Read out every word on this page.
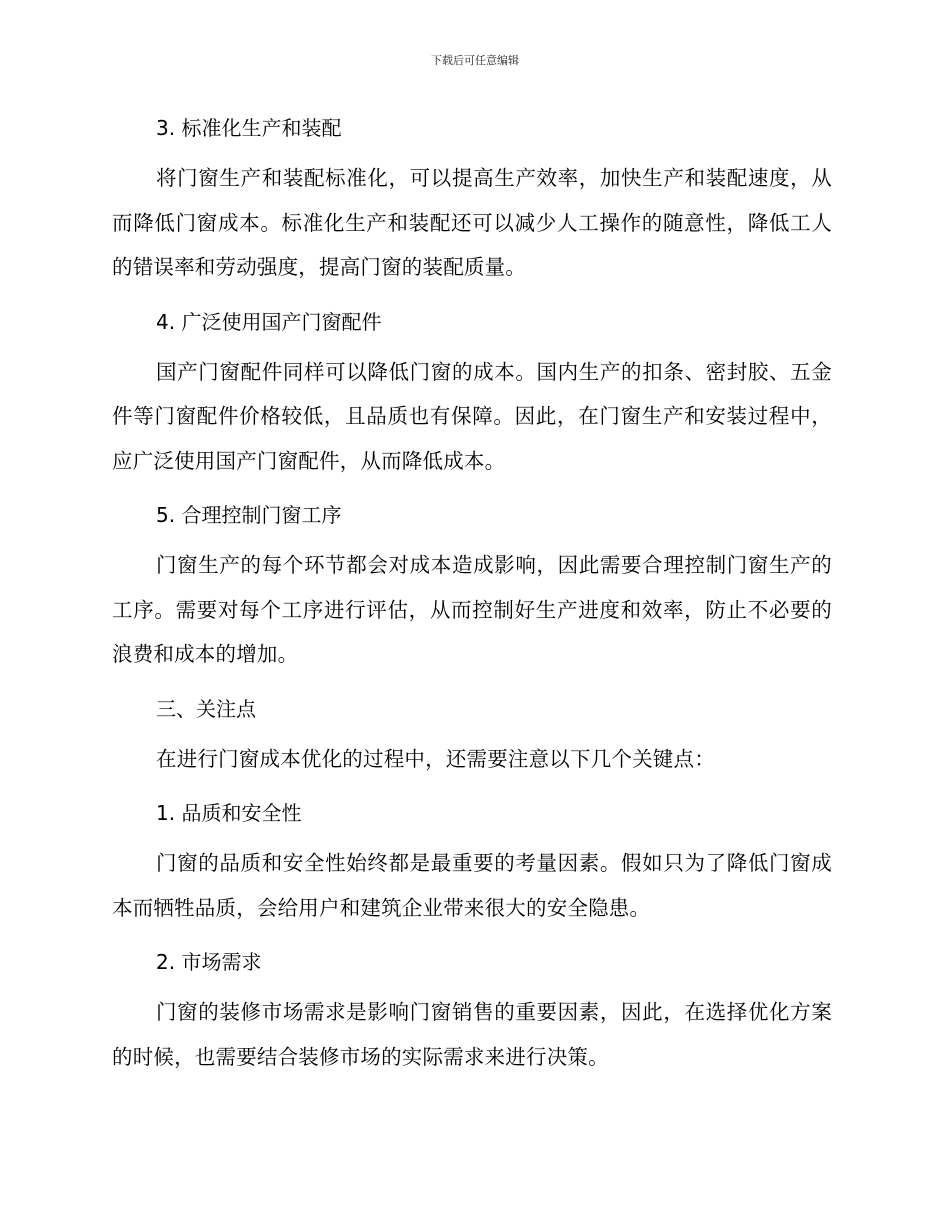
下载后可任意编辑
3. 标准化生产和装配

将门窗生产和装配标准化，可以提高生产效率，加快生产和装配速度，从而降低门窗成本。标准化生产和装配还可以减少人工操作的随意性，降低工人的错误率和劳动强度，提高门窗的装配质量。

4. 广泛使用国产门窗配件

国产门窗配件同样可以降低门窗的成本。国内生产的扣条、密封胶、五金件等门窗配件价格较低，且品质也有保障。因此，在门窗生产和安装过程中，应广泛使用国产门窗配件，从而降低成本。

5. 合理控制门窗工序

门窗生产的每个环节都会对成本造成影响，因此需要合理控制门窗生产的工序。需要对每个工序进行评估，从而控制好生产进度和效率，防止不必要的浪费和成本的增加。

三、关注点

在进行门窗成本优化的过程中，还需要注意以下几个关键点：

1. 品质和安全性

门窗的品质和安全性始终都是最重要的考量因素。假如只为了降低门窗成本而牺牲品质，会给用户和建筑企业带来很大的安全隐患。

2. 市场需求

门窗的装修市场需求是影响门窗销售的重要因素，因此，在选择优化方案的时候，也需要结合装修市场的实际需求来进行决策。
